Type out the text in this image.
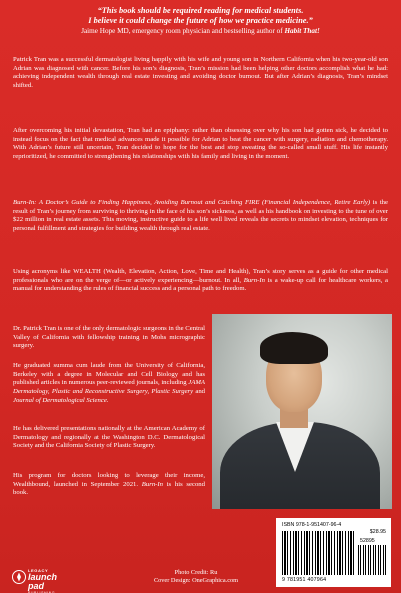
“This book should be required reading for medical students.
I believe it could change the future of how we practice medicine.”
Jaime Hope MD, emergency room physician and bestselling author of Habit That!

Patrick Tran was a successful dermatologist living happily with his wife and young son in Northern California when his two-year-old son Adrian was diagnosed with cancer. Before his son’s diagnosis, Tran’s mission had been helping other doctors accomplish what he had: achieving independent wealth through real estate investing and avoiding doctor burnout. But after Adrian’s diagnosis, Tran’s mindset shifted.

After overcoming his initial devastation, Tran had an epiphany: rather than obsessing over why his son had gotten sick, he decided to instead focus on the fact that medical advances made it possible for Adrian to beat the cancer with surgery, radiation and chemotherapy. With Adrian’s future still uncertain, Tran decided to hope for the best and stop sweating the so-called small stuff. His life instantly reprioritized, he committed to strengthening his relationships with his family and living in the moment.

Burn-In: A Doctor’s Guide to Finding Happiness, Avoiding Burnout and Catching FIRE (Financial Independence, Retire Early) is the result of Tran’s journey from surviving to thriving in the face of his son’s sickness, as well as his handbook on investing to the tune of over $22 million in real estate assets. This moving, instructive guide to a life well lived reveals the secrets to mindset elevation, techniques for personal fulfillment and strategies for building wealth through real estate.

Using acronyms like WEALTH (Wealth, Elevation, Action, Love, Time and Health), Tran’s story serves as a guide for other medical professionals who are on the verge of—or actively experiencing—burnout. In all, Burn-In is a wake-up call for healthcare workers, a manual for understanding the rules of financial success and a personal path to freedom.

Dr. Patrick Tran is one of the only dermatologic surgeons in the Central Valley of California with fellowship training in Mohs micrographic surgery.

He graduated summa cum laude from the University of California, Berkeley with a degree in Molecular and Cell Biology and has published articles in numerous peer-reviewed journals, including JAMA Dermatology, Plastic and Reconstructive Surgery, Plastic Surgery and Journal of Dermatological Science.

He has delivered presentations nationally at the American Academy of Dermatology and regionally at the Washington D.C. Dermatological Society and the California Society of Plastic Surgery.

His program for doctors looking to leverage their income, Wealthbound, launched in September 2021. Burn-In is his second book.

ISBN 978-1-951407-96-4
$28.95
52895
9 781951 407964
LEGACY
launch pad
PUBLISHING
Photo Credit: Ru
Cover Design: OneGraphica.com
